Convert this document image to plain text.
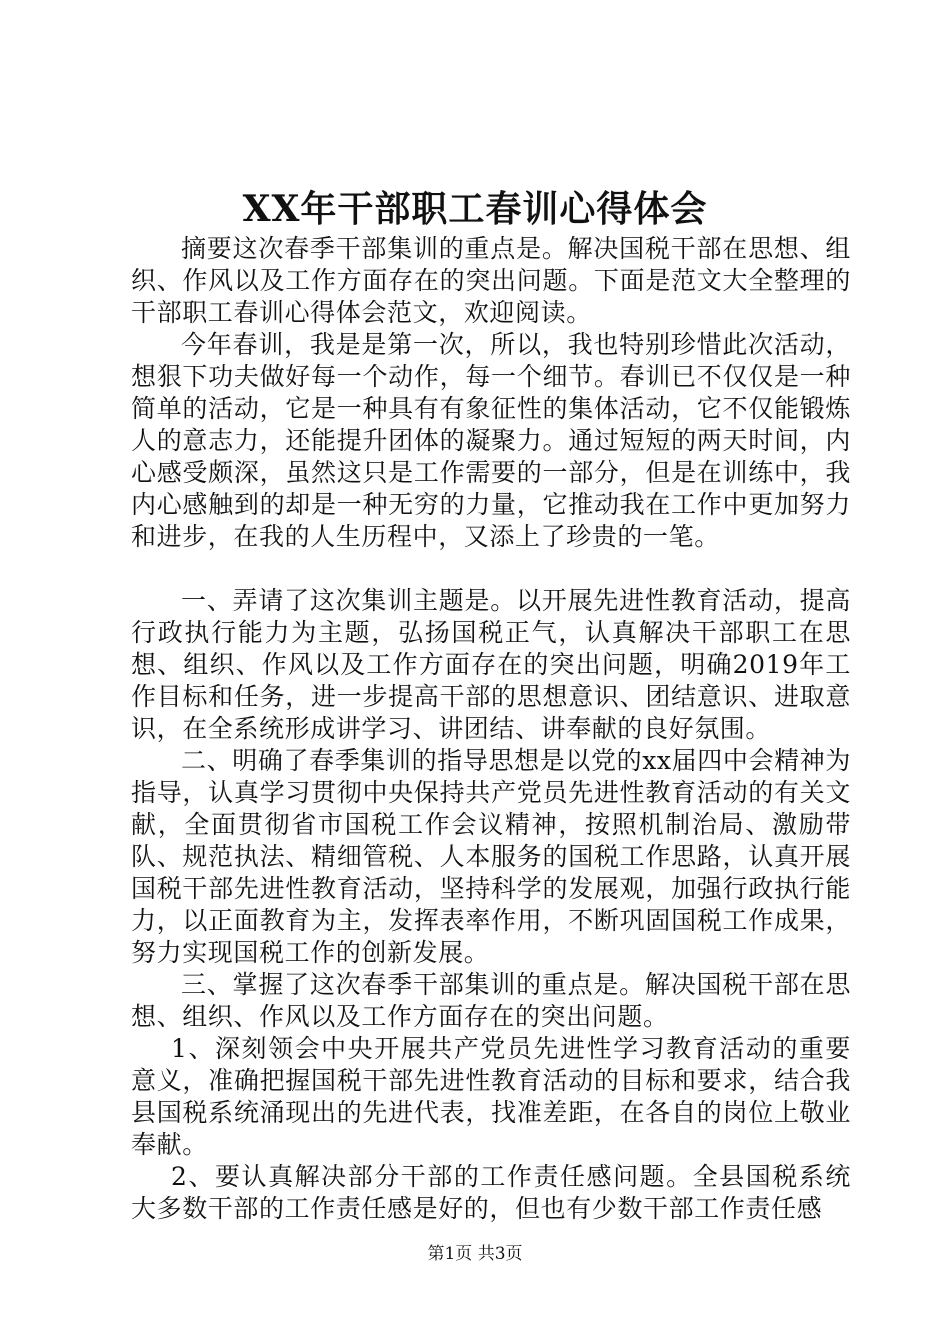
XX年干部职工春训心得体会

摘要这次春季干部集训的重点是。解决国税干部在思想、组织、作风以及工作方面存在的突出问题。下面是范文大全整理的干部职工春训心得体会范文，欢迎阅读。

今年春训，我是是第一次，所以，我也特别珍惜此次活动，想狠下功夫做好每一个动作，每一个细节。春训已不仅仅是一种简单的活动，它是一种具有有象征性的集体活动，它不仅能锻炼人的意志力，还能提升团体的凝聚力。通过短短的两天时间，内心感受颇深，虽然这只是工作需要的一部分，但是在训练中，我内心感触到的却是一种无穷的力量，它推动我在工作中更加努力和进步，在我的人生历程中，又添上了珍贵的一笔。

一、弄请了这次集训主题是。以开展先进性教育活动，提高行政执行能力为主题，弘扬国税正气，认真解决干部职工在思想、组织、作风以及工作方面存在的突出问题，明确2019年工作目标和任务，进一步提高干部的思想意识、团结意识、进取意识，在全系统形成讲学习、讲团结、讲奉献的良好氛围。

二、明确了春季集训的指导思想是以党的xx届四中会精神为指导，认真学习贯彻中央保持共产党员先进性教育活动的有关文献，全面贯彻省市国税工作会议精神，按照机制治局、激励带队、规范执法、精细管税、人本服务的国税工作思路，认真开展国税干部先进性教育活动，坚持科学的发展观，加强行政执行能力，以正面教育为主，发挥表率作用，不断巩固国税工作成果，努力实现国税工作的创新发展。

三、掌握了这次春季干部集训的重点是。解决国税干部在思想、组织、作风以及工作方面存在的突出问题。

1、深刻领会中央开展共产党员先进性学习教育活动的重要意义，准确把握国税干部先进性教育活动的目标和要求，结合我县国税系统涌现出的先进代表，找准差距，在各自的岗位上敬业奉献。

2、要认真解决部分干部的工作责任感问题。全县国税系统大多数干部的工作责任感是好的，但也有少数干部工作责任感

第1页 共3页
